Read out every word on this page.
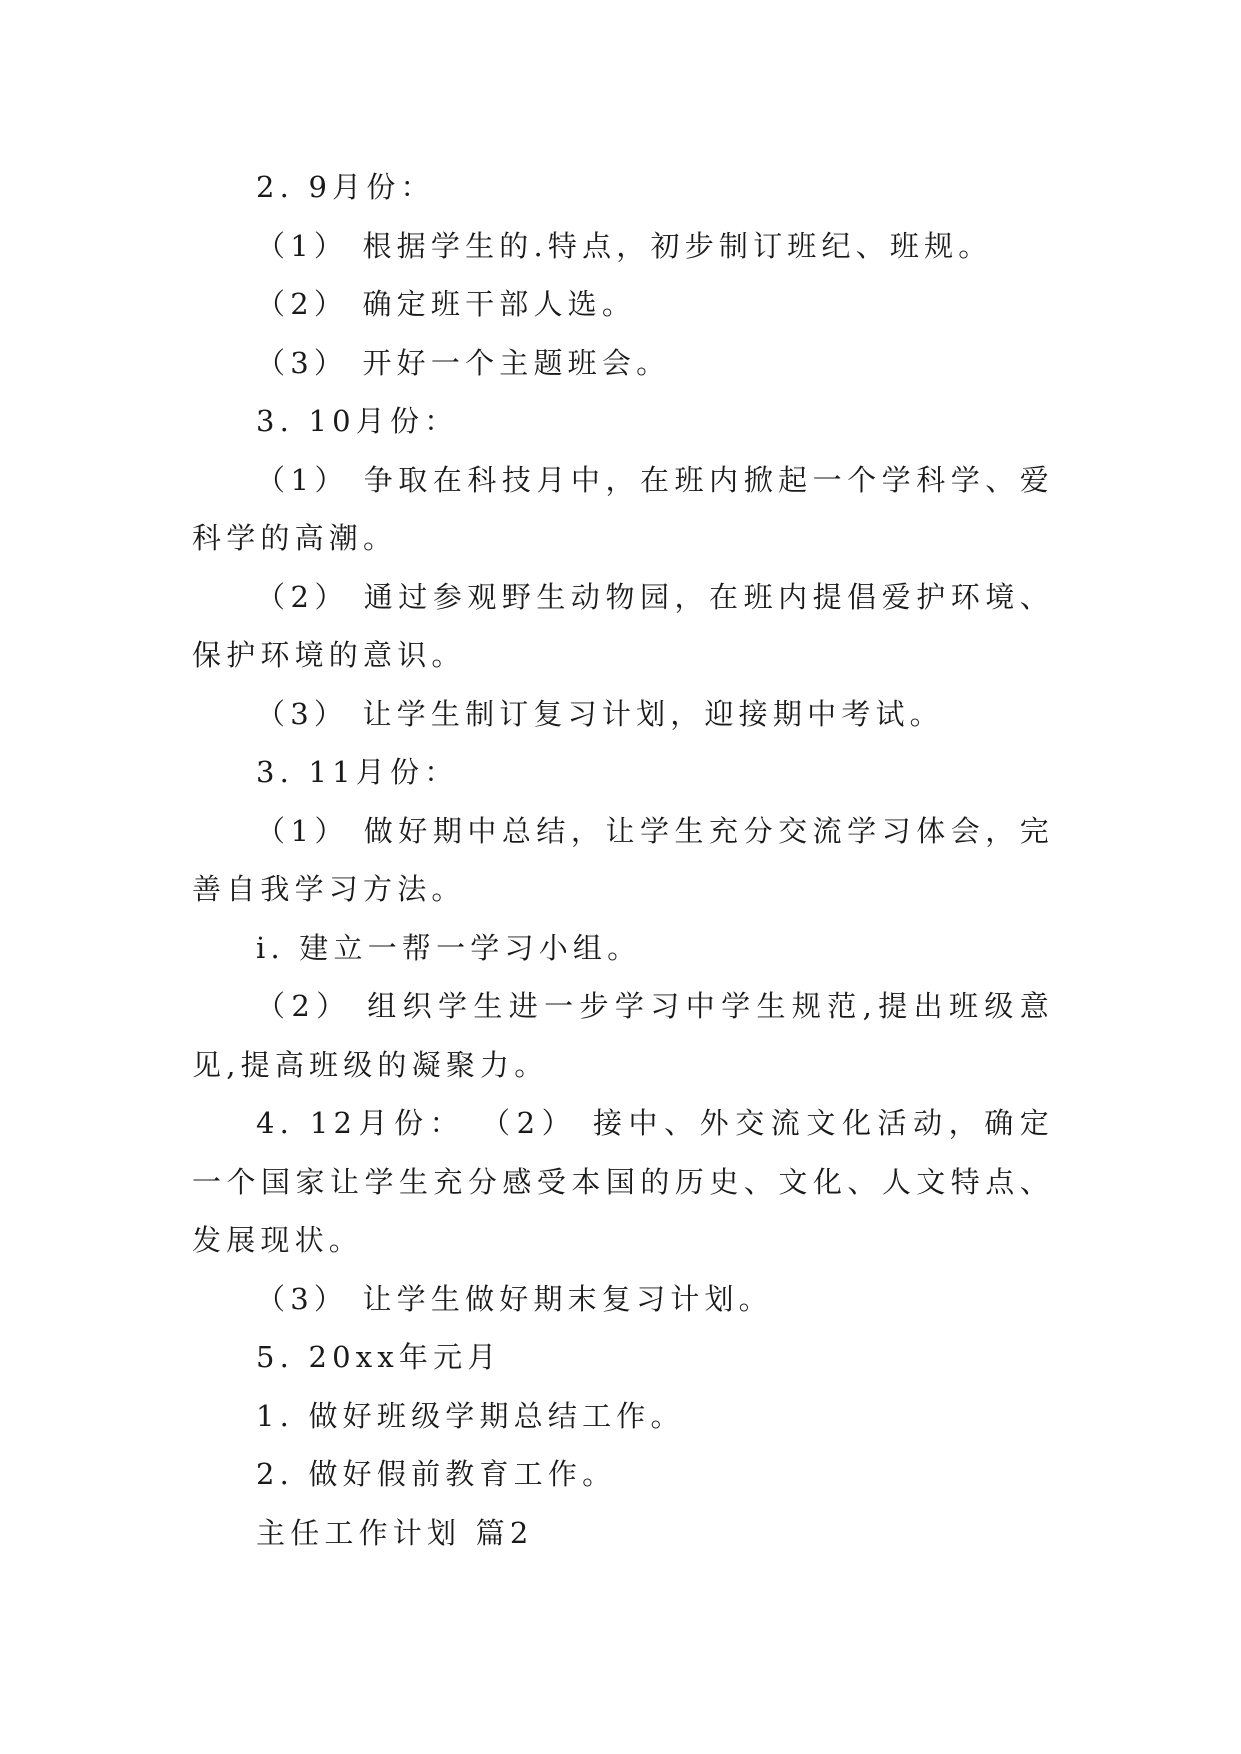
2. 9月份：

（1） 根据学生的.特点，初步制订班纪、班规。

（2） 确定班干部人选。

（3） 开好一个主题班会。

3. 10月份：

（1） 争取在科技月中，在班内掀起一个学科学、爱科学的高潮。

（2） 通过参观野生动物园，在班内提倡爱护环境、保护环境的意识。

（3） 让学生制订复习计划，迎接期中考试。

3. 11月份：

（1） 做好期中总结，让学生充分交流学习体会，完善自我学习方法。

i. 建立一帮一学习小组。

（2） 组织学生进一步学习中学生规范,提出班级意见,提高班级的凝聚力。

4. 12月份： （2） 接中、外交流文化活动，确定一个国家让学生充分感受本国的历史、文化、人文特点、发展现状。

（3） 让学生做好期末复习计划。

5. 20xx年元月

1. 做好班级学期总结工作。

2. 做好假前教育工作。

主任工作计划 篇2
